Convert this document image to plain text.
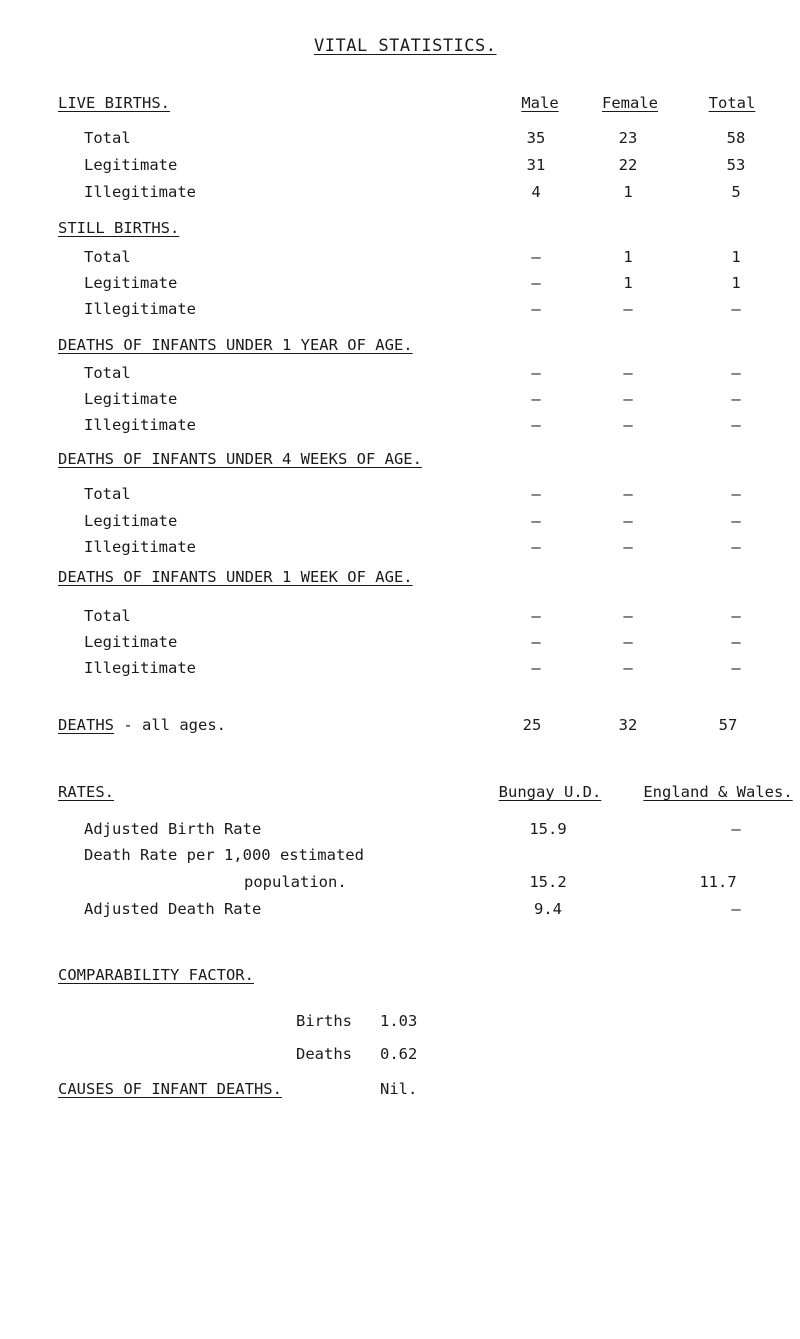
VITAL STATISTICS.
LIVE BIRTHS.	Male	Female	Total
Total	35	23	58
Legitimate	31	22	53
Illegitimate	4	1	5
STILL BIRTHS.
Total	–	1	1
Legitimate	–	1	1
Illegitimate	–	–	–
DEATHS OF INFANTS UNDER 1 YEAR OF AGE.
Total	–	–	–
Legitimate	–	–	–
Illegitimate	–	–	–
DEATHS OF INFANTS UNDER 4 WEEKS OF AGE.
Total	–	–	–
Legitimate	–	–	–
Illegitimate	–	–	–
DEATHS OF INFANTS UNDER 1 WEEK OF AGE.
Total	–	–	–
Legitimate	–	–	–
Illegitimate	–	–	–
DEATHS - all ages.	25	32	57
RATES.	Bungay U.D.	England & Wales.
Adjusted Birth Rate	15.9	–
Death Rate per 1,000 estimated
population.	15.2	11.7
Adjusted Death Rate	9.4	–
COMPARABILITY FACTOR.
Births 1.03
Deaths 0.62
CAUSES OF INFANT DEATHS.	Nil.
